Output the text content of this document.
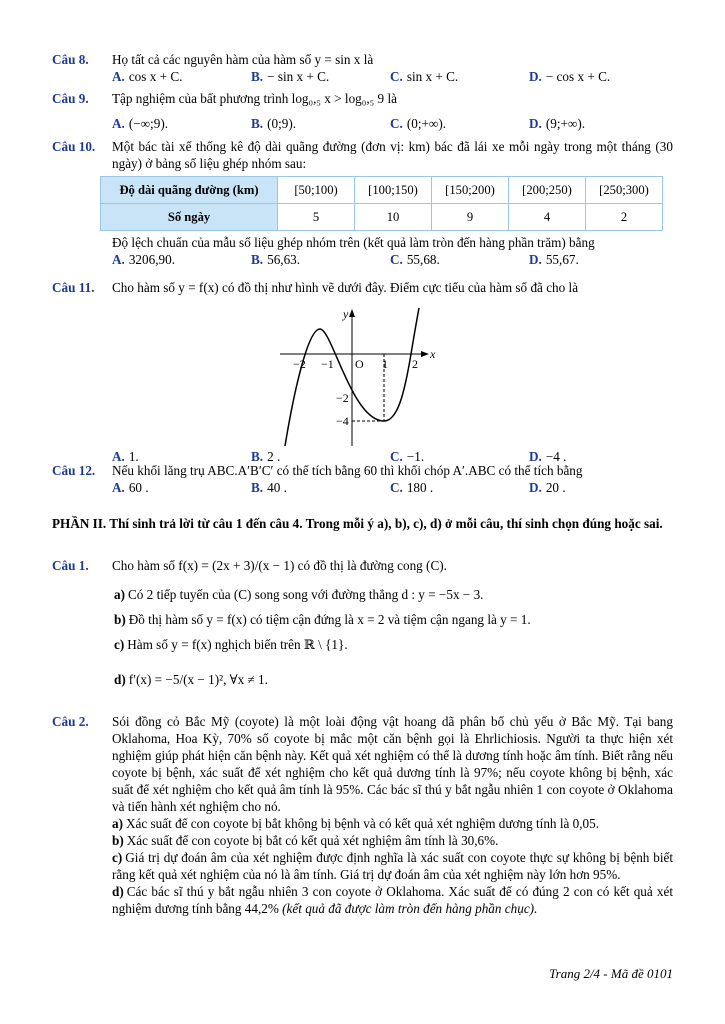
Câu 8. Họ tất cả các nguyên hàm của hàm số y = sin x là
A. cos x + C.	B. − sin x + C.	C. sin x + C.	D. − cos x + C.
Câu 9. Tập nghiệm của bất phương trình log₀,₅ x > log₀,₅ 9 là
A. (−∞;9).	B. (0;9).	C. (0;+∞).	D. (9;+∞).
Câu 10. Một bác tài xế thống kê độ dài quãng đường (đơn vị: km) bác đã lái xe mỗi ngày trong một tháng (30 ngày) ở bảng số liệu ghép nhóm sau:
Độ dài quãng đường (km)	[50;100)	[100;150)	[150;200)	[200;250)	[250;300)
Số ngày	5	10	9	4	2
Độ lệch chuẩn của mẫu số liệu ghép nhóm trên (kết quả làm tròn đến hàng phần trăm) bằng
A. 3206,90.	B. 56,63.	C. 55,68.	D. 55,67.
Câu 11. Cho hàm số y = f(x) có đồ thị như hình vẽ dưới đây. Điểm cực tiểu của hàm số đã cho là
x
y
O
−2 −1	1 2
−2
−4
A. 1.	B. 2 .	C. −1.	D. −4 .
Câu 12. Nếu khối lăng trụ ABC.A′B′C′ có thể tích bằng 60 thì khối chóp A′.ABC có thể tích bằng
A. 60 .	B. 40 .	C. 180 .	D. 20 .
PHẦN II. Thí sinh trả lời từ câu 1 đến câu 4. Trong mỗi ý a), b), c), d) ở mỗi câu, thí sinh chọn đúng hoặc sai.
Câu 1. Cho hàm số f(x) = (2x + 3)/(x − 1) có đồ thị là đường cong (C).
a) Có 2 tiếp tuyến của (C) song song với đường thẳng d : y = −5x − 3.
b) Đồ thị hàm số y = f(x) có tiệm cận đứng là x = 2 và tiệm cận ngang là y = 1.
c) Hàm số y = f(x) nghịch biến trên ℝ \ {1}.
d) f′(x) = −5/(x − 1)², ∀x ≠ 1.
Câu 2. Sói đồng cỏ Bắc Mỹ (coyote) là một loài động vật hoang dã phân bố chủ yếu ở Bắc Mỹ. Tại bang Oklahoma, Hoa Kỳ, 70% số coyote bị mắc một căn bệnh gọi là Ehrlichiosis. Người ta thực hiện xét nghiệm giúp phát hiện căn bệnh này. Kết quả xét nghiệm có thể là dương tính hoặc âm tính. Biết rằng nếu coyote bị bệnh, xác suất để xét nghiệm cho kết quả dương tính là 97%; nếu coyote không bị bệnh, xác suất để xét nghiệm cho kết quả âm tính là 95%. Các bác sĩ thú y bắt ngẫu nhiên 1 con coyote ở Oklahoma và tiến hành xét nghiệm cho nó.
a) Xác suất để con coyote bị bắt không bị bệnh và có kết quả xét nghiệm dương tính là 0,05.
b) Xác suất để con coyote bị bắt có kết quả xét nghiệm âm tính là 30,6%.
c) Giá trị dự đoán âm của xét nghiệm được định nghĩa là xác suất con coyote thực sự không bị bệnh biết rằng kết quả xét nghiệm của nó là âm tính. Giá trị dự đoán âm của xét nghiệm này lớn hơn 95%.
d) Các bác sĩ thú y bắt ngẫu nhiên 3 con coyote ở Oklahoma. Xác suất để có đúng 2 con có kết quả xét nghiệm dương tính bằng 44,2% (kết quả đã được làm tròn đến hàng phần chục).
Trang 2/4 - Mã đề 0101
